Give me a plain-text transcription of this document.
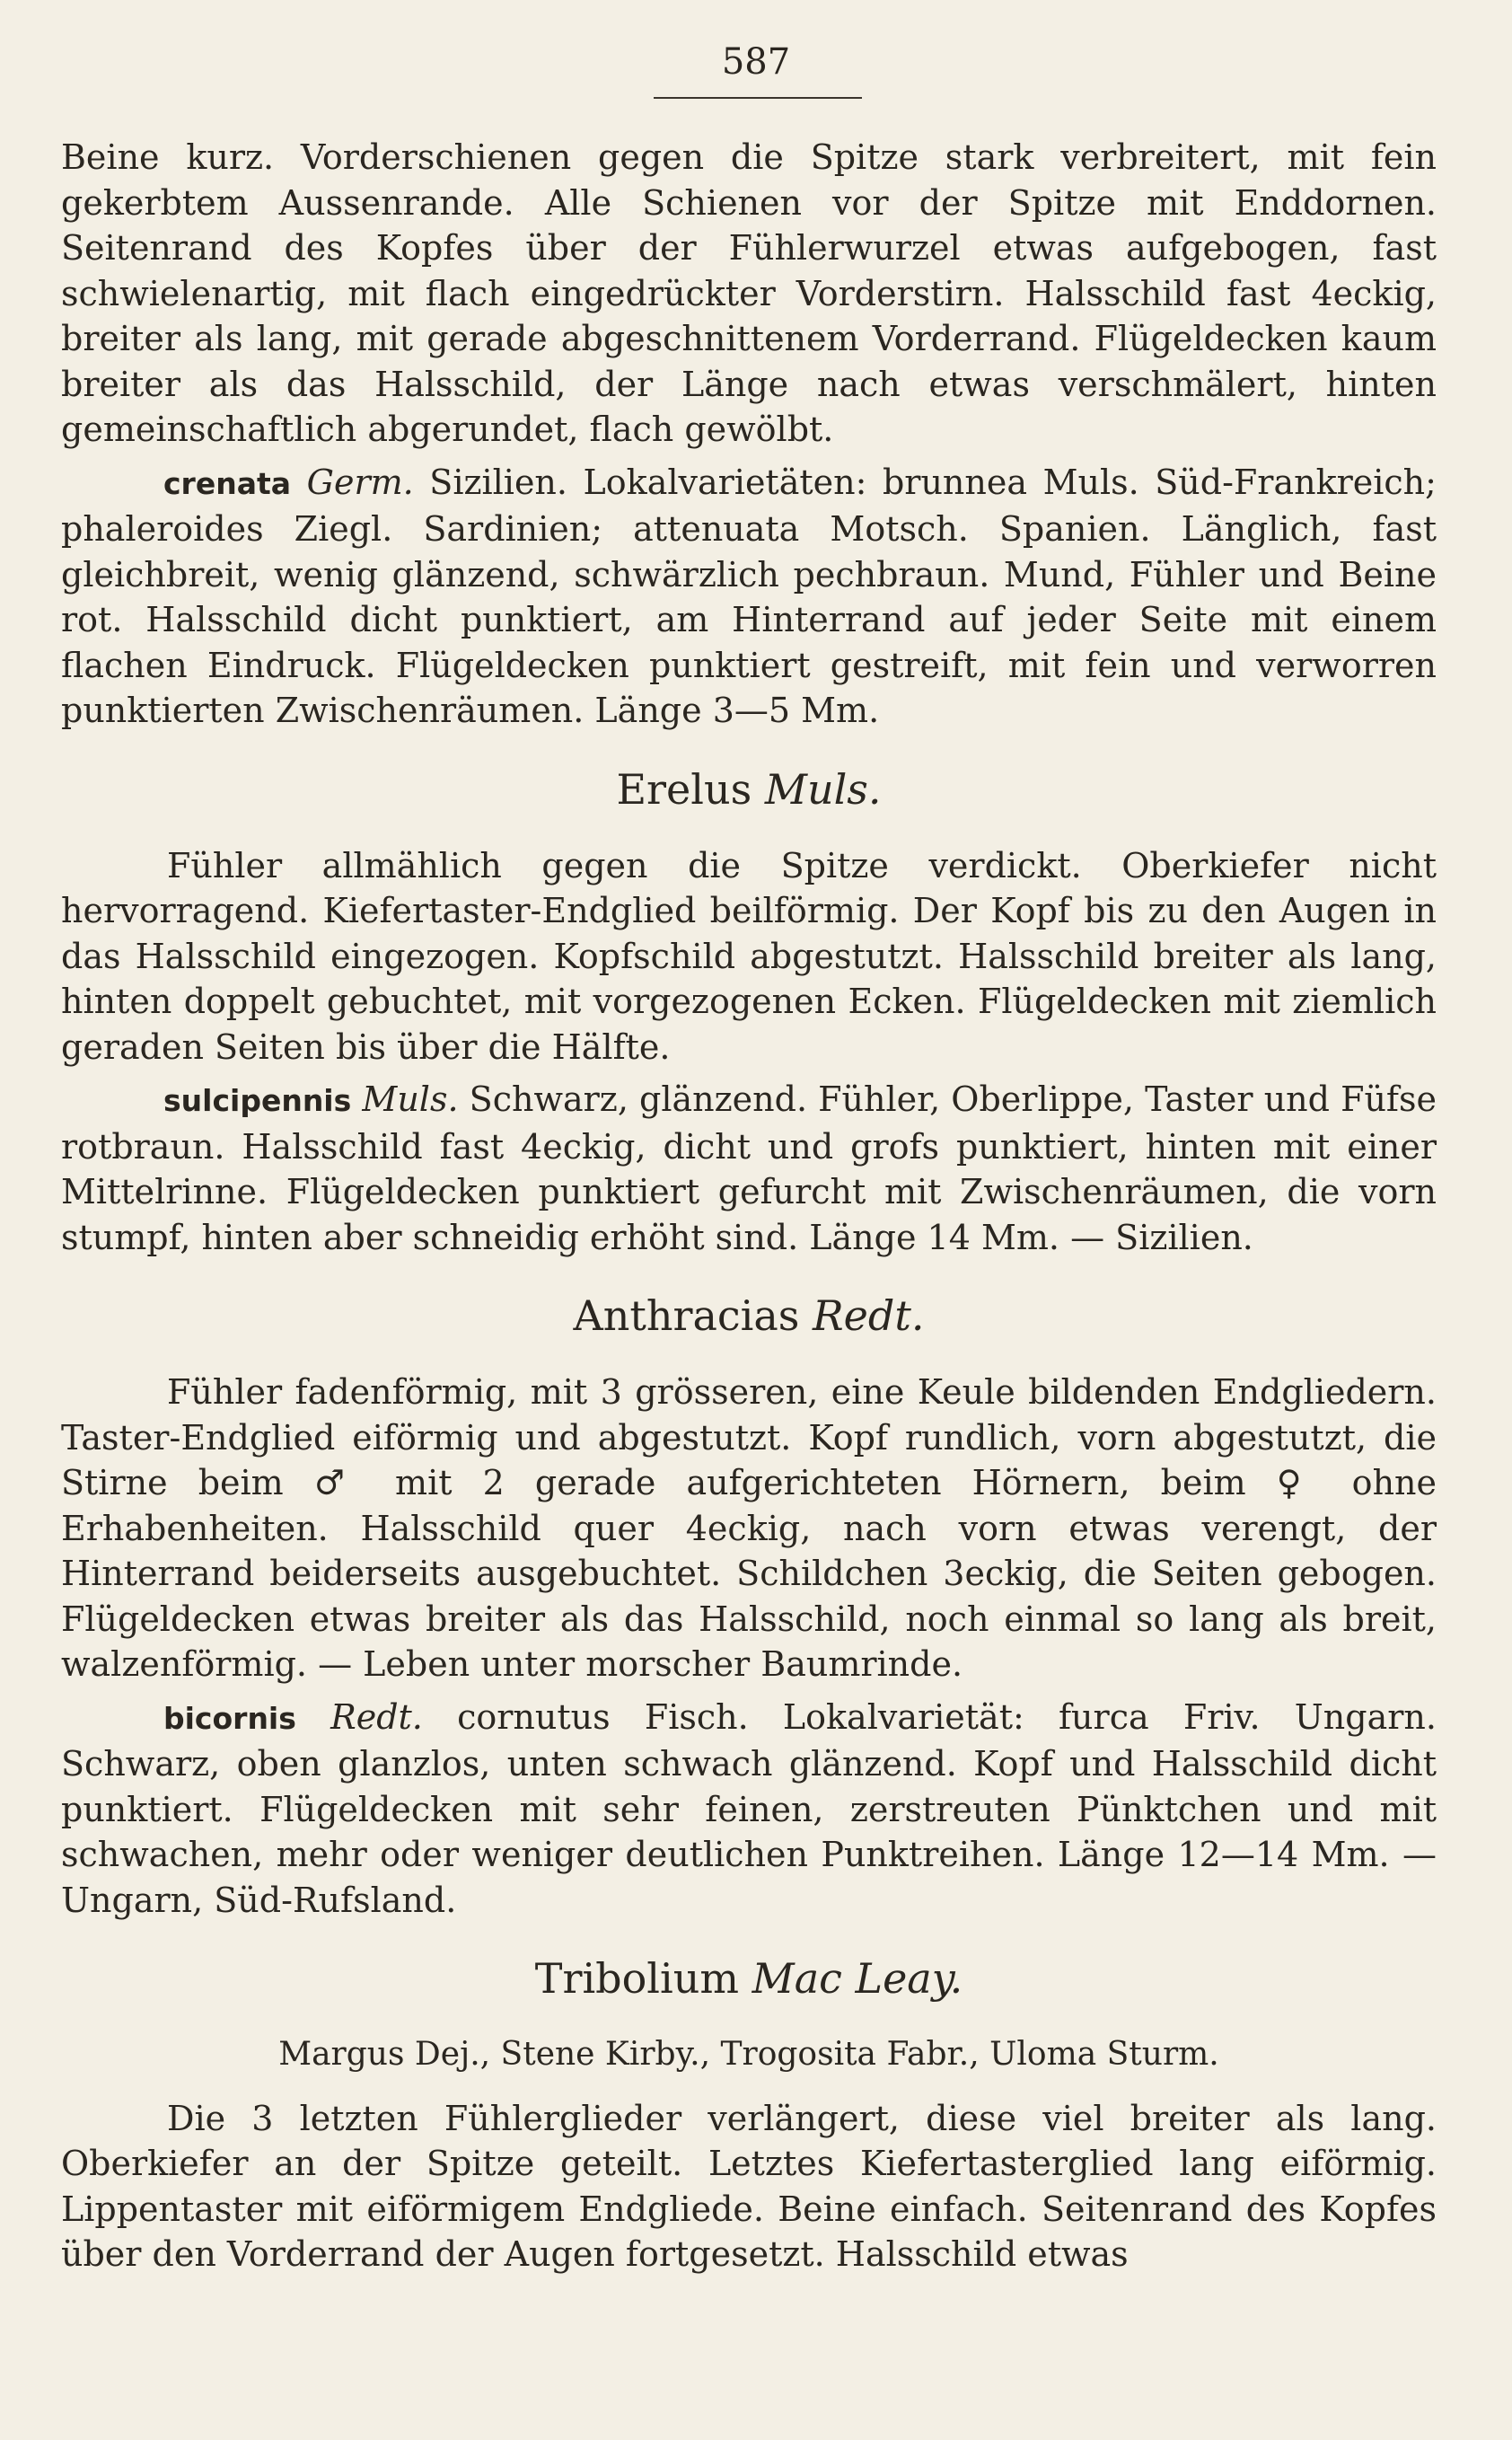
587

Beine kurz. Vorderschienen gegen die Spitze stark verbreitert, mit fein gekerbtem Aussenrande. Alle Schienen vor der Spitze mit Enddornen. Seitenrand des Kopfes über der Fühlerwurzel etwas aufgebogen, fast schwielenartig, mit flach eingedrückter Vorderstirn. Halsschild fast 4eckig, breiter als lang, mit gerade abgeschnittenem Vorderrand. Flügeldecken kaum breiter als das Halsschild, der Länge nach etwas verschmälert, hinten gemeinschaftlich abgerundet, flach gewölbt.

crenata Germ. Sizilien. Lokalvarietäten: brunnea Muls. Süd-Frankreich; phaleroides Ziegl. Sardinien; attenuata Motsch. Spanien. Länglich, fast gleichbreit, wenig glänzend, schwärzlich pechbraun. Mund, Fühler und Beine rot. Halsschild dicht punktiert, am Hinterrand auf jeder Seite mit einem flachen Eindruck. Flügeldecken punktiert gestreift, mit fein und verworren punktierten Zwischenräumen. Länge 3—5 Mm.

Erelus Muls.

Fühler allmählich gegen die Spitze verdickt. Oberkiefer nicht hervorragend. Kiefertaster-Endglied beilförmig. Der Kopf bis zu den Augen in das Halsschild eingezogen. Kopfschild abgestutzt. Halsschild breiter als lang, hinten doppelt gebuchtet, mit vorgezogenen Ecken. Flügeldecken mit ziemlich geraden Seiten bis über die Hälfte.

sulcipennis Muls. Schwarz, glänzend. Fühler, Oberlippe, Taster und Füfse rotbraun. Halsschild fast 4eckig, dicht und grofs punktiert, hinten mit einer Mittelrinne. Flügeldecken punktiert gefurcht mit Zwischenräumen, die vorn stumpf, hinten aber schneidig erhöht sind. Länge 14 Mm. — Sizilien.

Anthracias Redt.

Fühler fadenförmig, mit 3 grösseren, eine Keule bildenden Endgliedern. Taster-Endglied eiförmig und abgestutzt. Kopf rundlich, vorn abgestutzt, die Stirne beim ♂ mit 2 gerade aufgerichteten Hörnern, beim ♀ ohne Erhabenheiten. Halsschild quer 4eckig, nach vorn etwas verengt, der Hinterrand beiderseits ausgebuchtet. Schildchen 3eckig, die Seiten gebogen. Flügeldecken etwas breiter als das Halsschild, noch einmal so lang als breit, walzenförmig. — Leben unter morscher Baumrinde.

bicornis Redt. cornutus Fisch. Lokalvarietät: furca Friv. Ungarn. Schwarz, oben glanzlos, unten schwach glänzend. Kopf und Halsschild dicht punktiert. Flügeldecken mit sehr feinen, zerstreuten Pünktchen und mit schwachen, mehr oder weniger deutlichen Punktreihen. Länge 12—14 Mm. — Ungarn, Süd-Rufsland.

Tribolium Mac Leay.

Margus Dej., Stene Kirby., Trogosita Fabr., Uloma Sturm.

Die 3 letzten Fühlerglieder verlängert, diese viel breiter als lang. Oberkiefer an der Spitze geteilt. Letztes Kiefertasterglied lang eiförmig. Lippentaster mit eiförmigem Endgliede. Beine einfach. Seitenrand des Kopfes über den Vorderrand der Augen fortgesetzt. Halsschild etwas
